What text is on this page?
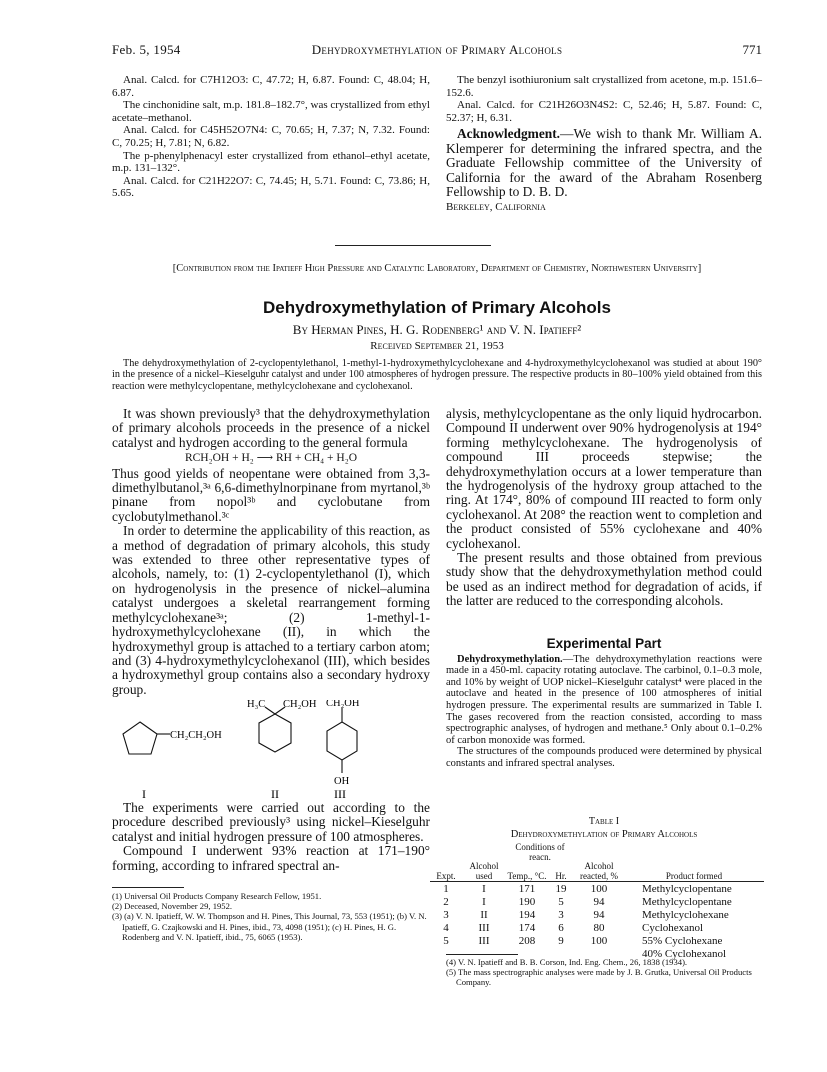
Feb. 5, 1954	Dehydroxymethylation of Primary Alcohols	771

Anal. Calcd. for C7H12O3: C, 47.72; H, 6.87. Found: C, 48.04; H, 6.87.

The cinchonidine salt, m.p. 181.8–182.7°, was crystallized from ethyl acetate–methanol.

Anal. Calcd. for C45H52O7N4: C, 70.65; H, 7.37; N, 7.32. Found: C, 70.25; H, 7.81; N, 6.82.

The p-phenylphenacyl ester crystallized from ethanol–ethyl acetate, m.p. 131–132°.

Anal. Calcd. for C21H22O7: C, 74.45; H, 5.71. Found: C, 73.86; H, 5.65.

The benzyl isothiuronium salt crystallized from acetone, m.p. 151.6–152.6.

Anal. Calcd. for C21H26O3N4S2: C, 52.46; H, 5.87. Found: C, 52.37; H, 6.31.

Acknowledgment.—We wish to thank Mr. William A. Klemperer for determining the infrared spectra, and the Graduate Fellowship committee of the University of California for the award of the Abraham Rosenberg Fellowship to D. B. D.

Berkeley, California

[Contribution from the Ipatieff High Pressure and Catalytic Laboratory, Department of Chemistry, Northwestern University]
Dehydroxymethylation of Primary Alcohols
By Herman Pines, H. G. Rodenberg¹ and V. N. Ipatieff²
Received September 21, 1953

The dehydroxymethylation of 2-cyclopentylethanol, 1-methyl-1-hydroxymethylcyclohexane and 4-hydroxymethylcyclohexanol was studied at about 190° in the presence of a nickel–Kieselguhr catalyst and under 100 atmospheres of hydrogen pressure. The respective products in 80–100% yield obtained from this reaction were methylcyclopentane, methylcyclohexane and cyclohexanol.

It was shown previously³ that the dehydroxymethylation of primary alcohols proceeds in the presence of a nickel catalyst and hydrogen according to the general formula

RCH₂OH + H₂ ⟶ RH + CH₄ + H₂O

Thus good yields of neopentane were obtained from 3,3-dimethylbutanol,³ᵃ 6,6-dimethylnorpinane from myrtanol,³ᵇ pinane from nopol³ᵇ and cyclobutane from cyclobutylmethanol.³ᶜ

In order to determine the applicability of this reaction, as a method of degradation of primary alcohols, this study was extended to three other representative types of alcohols, namely, to: (1) 2-cyclopentylethanol (I), which on hydrogenolysis in the presence of nickel–alumina catalyst undergoes a skeletal rearrangement forming methylcyclohexane³ᵃ; (2) 1-methyl-1-hydroxymethylcyclohexane (II), in which the hydroxymethyl group is attached to a tertiary carbon atom; and (3) 4-hydroxymethylcyclohexanol (III), which besides a hydroxymethyl group contains also a secondary hydroxy group.

CH₂CH₂OH
I
H₃C CH₂OH
II
CH₂OH
OH
III

The experiments were carried out according to the procedure described previously³ using nickel–Kieselguhr catalyst and initial hydrogen pressure of 100 atmospheres.

Compound I underwent 93% reaction at 171–190° forming, according to infrared spectral an-

(1) Universal Oil Products Company Research Fellow, 1951.

(2) Deceased, November 29, 1952.

(3) (a) V. N. Ipatieff, W. W. Thompson and H. Pines, This Journal, 73, 553 (1951); (b) V. N. Ipatieff, G. Czajkowski and H. Pines, ibid., 73, 4098 (1951); (c) H. Pines, H. G. Rodenberg and V. N. Ipatieff, ibid., 75, 6065 (1953).

alysis, methylcyclopentane as the only liquid hydrocarbon. Compound II underwent over 90% hydrogenolysis at 194° forming methylcyclohexane. The hydrogenolysis of compound III proceeds stepwise; the dehydroxymethylation occurs at a lower temperature than the hydrogenolysis of the hydroxy group attached to the ring. At 174°, 80% of compound III reacted to form only cyclohexanol. At 208° the reaction went to completion and the product consisted of 55% cyclohexane and 40% cyclohexanol.

The present results and those obtained from previous study show that the dehydroxymethylation method could be used as an indirect method for degradation of acids, if the latter are reduced to the corresponding alcohols.

Experimental Part

Dehydroxymethylation.—The dehydroxymethylation reactions were made in a 450-ml. capacity rotating autoclave. The carbinol, 0.1–0.3 mole, and 10% by weight of UOP nickel–Kieselguhr catalyst⁴ were placed in the autoclave and heated in the presence of 100 atmospheres of initial hydrogen pressure. The experimental results are summarized in Table I. The gases recovered from the reaction consisted, according to mass spectrographic analyses, of hydrogen and methane.⁵ Only about 0.1–0.2% of carbon monoxide was formed.

The structures of the compounds produced were determined by physical constants and infrared spectral analyses.

Table I
Dehydroxymethylation of Primary Alcohols
		Conditions of reacn.			
Expt.	Alcohol used	Temp., °C.	Hr.	Alcohol reacted, %	Product formed
1	I	171	19	100	Methylcyclopentane
2	I	190	5	94	Methylcyclopentane
3	II	194	3	94	Methylcyclohexane
4	III	174	6	80	Cyclohexanol
5	III	208	9	100	55% Cyclohexane
					40% Cyclohexanol

(4) V. N. Ipatieff and B. B. Corson, Ind. Eng. Chem., 26, 1838 (1934).

(5) The mass spectrographic analyses were made by J. B. Grutka, Universal Oil Products Company.
